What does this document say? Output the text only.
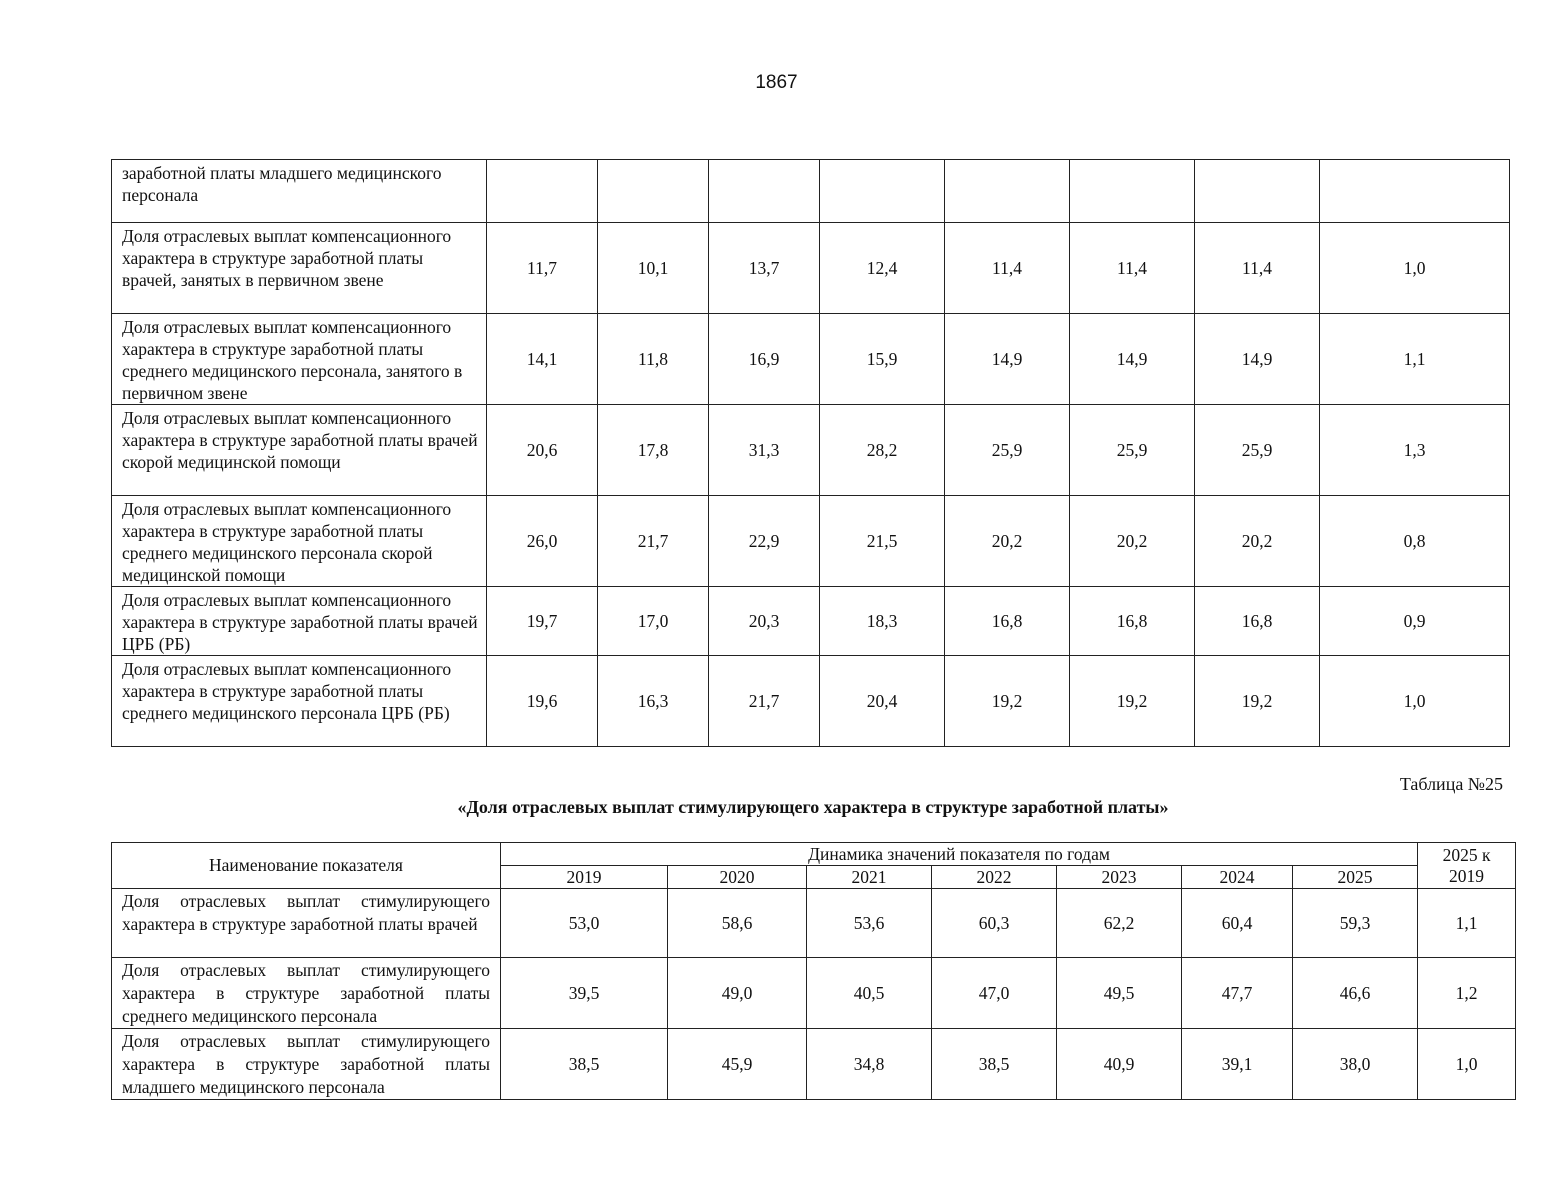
1867
заработной платы младшего медицинского персонала								
Доля отраслевых выплат компенсационного характера в структуре заработной платы врачей, занятых в первичном звене	11,7	10,1	13,7	12,4	11,4	11,4	11,4	1,0
Доля отраслевых выплат компенсационного характера в структуре заработной платы среднего медицинского персонала, занятого в первичном звене	14,1	11,8	16,9	15,9	14,9	14,9	14,9	1,1
Доля отраслевых выплат компенсационного характера в структуре заработной платы врачей скорой медицинской помощи	20,6	17,8	31,3	28,2	25,9	25,9	25,9	1,3
Доля отраслевых выплат компенсационного характера в структуре заработной платы среднего медицинского персонала скорой медицинской помощи	26,0	21,7	22,9	21,5	20,2	20,2	20,2	0,8
Доля отраслевых выплат компенсационного характера в структуре заработной платы врачей ЦРБ (РБ)	19,7	17,0	20,3	18,3	16,8	16,8	16,8	0,9
Доля отраслевых выплат компенсационного характера в структуре заработной платы среднего медицинского персонала ЦРБ (РБ)	19,6	16,3	21,7	20,4	19,2	19,2	19,2	1,0
Таблица №25
«Доля отраслевых выплат стимулирующего характера в структуре заработной платы»
Наименование показателя	Динамика значений показателя по годам							2025 к 2019
	2019	2020	2021	2022	2023	2024	2025	
Доля отраслевых выплат стимулирующего характера в структуре заработной платы врачей	53,0	58,6	53,6	60,3	62,2	60,4	59,3	1,1
Доля отраслевых выплат стимулирующего характера в структуре заработной платы среднего медицинского персонала	39,5	49,0	40,5	47,0	49,5	47,7	46,6	1,2
Доля отраслевых выплат стимулирующего характера в структуре заработной платы младшего медицинского персонала	38,5	45,9	34,8	38,5	40,9	39,1	38,0	1,0
